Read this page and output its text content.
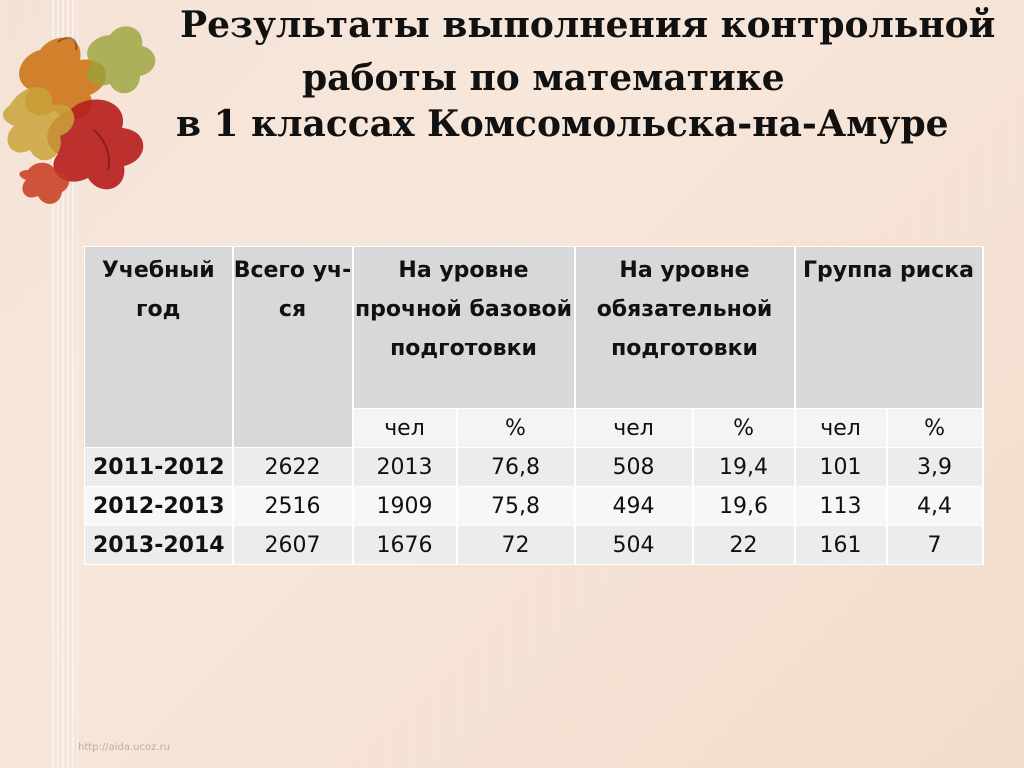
Результаты выполнения контрольной
работы по математике
в 1 классах Комсомольска-на-Амуре
Учебный год	Всего уч-ся	На уровне прочной базовой подготовки		На уровне обязательной подготовки		Группа риска	
		чел	%	чел	%	чел	%
2011-2012	2622	2013	76,8	508	19,4	101	3,9
2012-2013	2516	1909	75,8	494	19,6	113	4,4
2013-2014	2607	1676	72	504	22	161	7
http://aida.ucoz.ru
